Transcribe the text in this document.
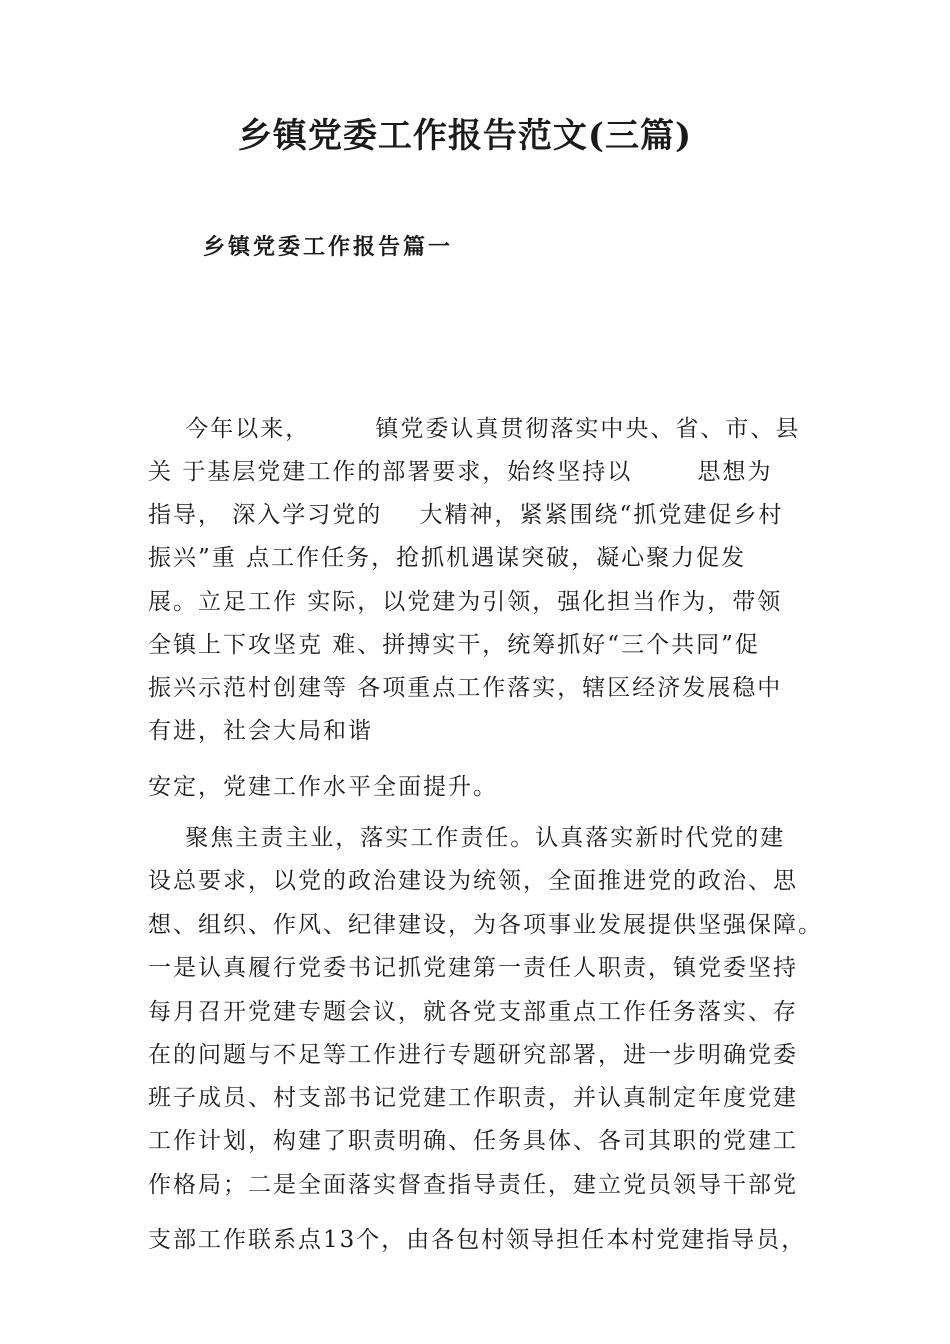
乡镇党委工作报告范文(三篇)
乡镇党委工作报告篇一
今年以来，       镇党委认真贯彻落实中央、省、市、县
关 于基层党建工作的部署要求，始终坚持以       思想为
指导， 深入学习党的    大精神，紧紧围绕“抓党建促乡村
振兴”重 点工作任务，抢抓机遇谋突破，凝心聚力促发
展。立足工作 实际，以党建为引领，强化担当作为，带领
全镇上下攻坚克 难、拼搏实干，统筹抓好“三个共同”促
振兴示范村创建等 各项重点工作落实，辖区经济发展稳中
有进，社会大局和谐
安定，党建工作水平全面提升。
聚焦主责主业，落实工作责任。认真落实新时代党的建
设总要求，以党的政治建设为统领，全面推进党的政治、思
想、组织、作风、纪律建设，为各项事业发展提供坚强保障。
一是认真履行党委书记抓党建第一责任人职责，镇党委坚持
每月召开党建专题会议，就各党支部重点工作任务落实、存
在的问题与不足等工作进行专题研究部署，进一步明确党委
班子成员、村支部书记党建工作职责，并认真制定年度党建
工作计划，构建了职责明确、任务具体、各司其职的党建工
作格局；二是全面落实督查指导责任，建立党员领导干部党
支部工作联系点13个，由各包村领导担任本村党建指导员，
